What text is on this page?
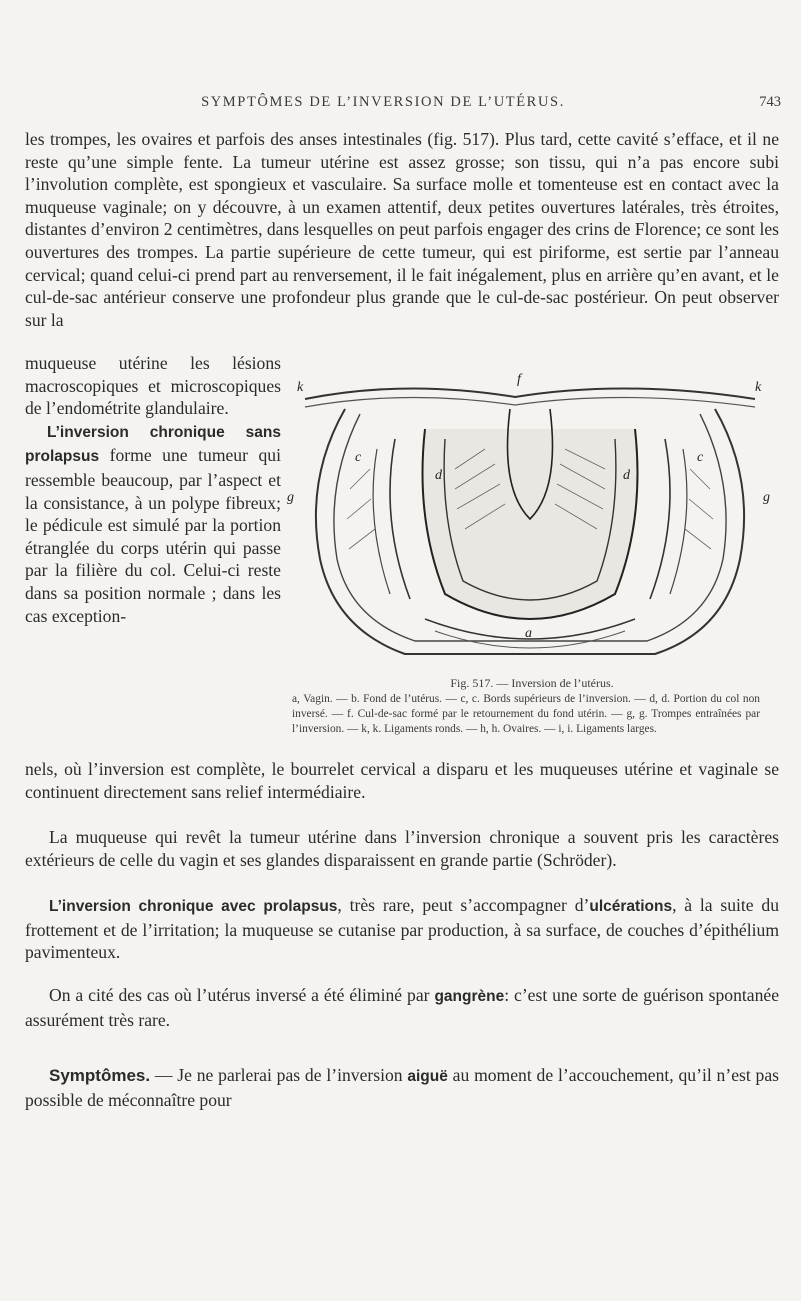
SYMPTÔMES DE L’INVERSION DE L’UTÉRUS.	743

les trompes, les ovaires et parfois des anses intestinales (fig. 517). Plus tard, cette cavité s’efface, et il ne reste qu’une simple fente. La tumeur utérine est assez grosse; son tissu, qui n’a pas encore subi l’involution complète, est spongieux et vasculaire. Sa surface molle et tomenteuse est en contact avec la muqueuse vaginale; on y découvre, à un examen attentif, deux petites ouvertures latérales, très étroites, distantes d’environ 2 centimètres, dans lesquelles on peut parfois engager des crins de Florence; ce sont les ouvertures des trompes. La partie supérieure de cette tumeur, qui est piriforme, est sertie par l’anneau cervical; quand celui-ci prend part au renversement, il le fait inégalement, plus en arrière qu’en avant, et le cul-de-sac antérieur conserve une profondeur plus grande que le cul-de-sac postérieur. On peut observer sur la

muqueuse utérine les lésions macroscopiques et microscopiques de l’endométrite glandulaire.
L’inversion chronique sans prolapsus forme une tumeur qui ressemble beaucoup, par l’aspect et la consistance, à un polype fibreux; le pédicule est simulé par la portion étranglée du corps utérin qui passe par la filière du col. Celui-ci reste dans sa position normale ; dans les cas exception-
k
f
k
g	g
c	c
d	d
a
Fig. 517. — Inversion de l’utérus.

a, Vagin. — b. Fond de l’utérus. — c, c. Bords supérieurs de l’inversion. — d, d. Portion du col non inversé. — f. Cul-de-sac formé par le retournement du fond utérin. — g, g. Trompes entraînées par l’inversion. — k, k. Ligaments ronds. — h, h. Ovaires. — i, i. Ligaments larges.

nels, où l’inversion est complète, le bourrelet cervical a disparu et les muqueuses utérine et vaginale se continuent directement sans relief intermédiaire.

La muqueuse qui revêt la tumeur utérine dans l’inversion chronique a souvent pris les caractères extérieurs de celle du vagin et ses glandes disparaissent en grande partie (Schröder).

L’inversion chronique avec prolapsus, très rare, peut s’accompagner d’ulcérations, à la suite du frottement et de l’irritation; la muqueuse se cutanise par production, à sa surface, de couches d’épithélium pavimenteux.

On a cité des cas où l’utérus inversé a été éliminé par gangrène: c’est une sorte de guérison spontanée assurément très rare.

Symptômes. — Je ne parlerai pas de l’inversion aiguë au moment de l’accouchement, qu’il n’est pas possible de méconnaître pour
